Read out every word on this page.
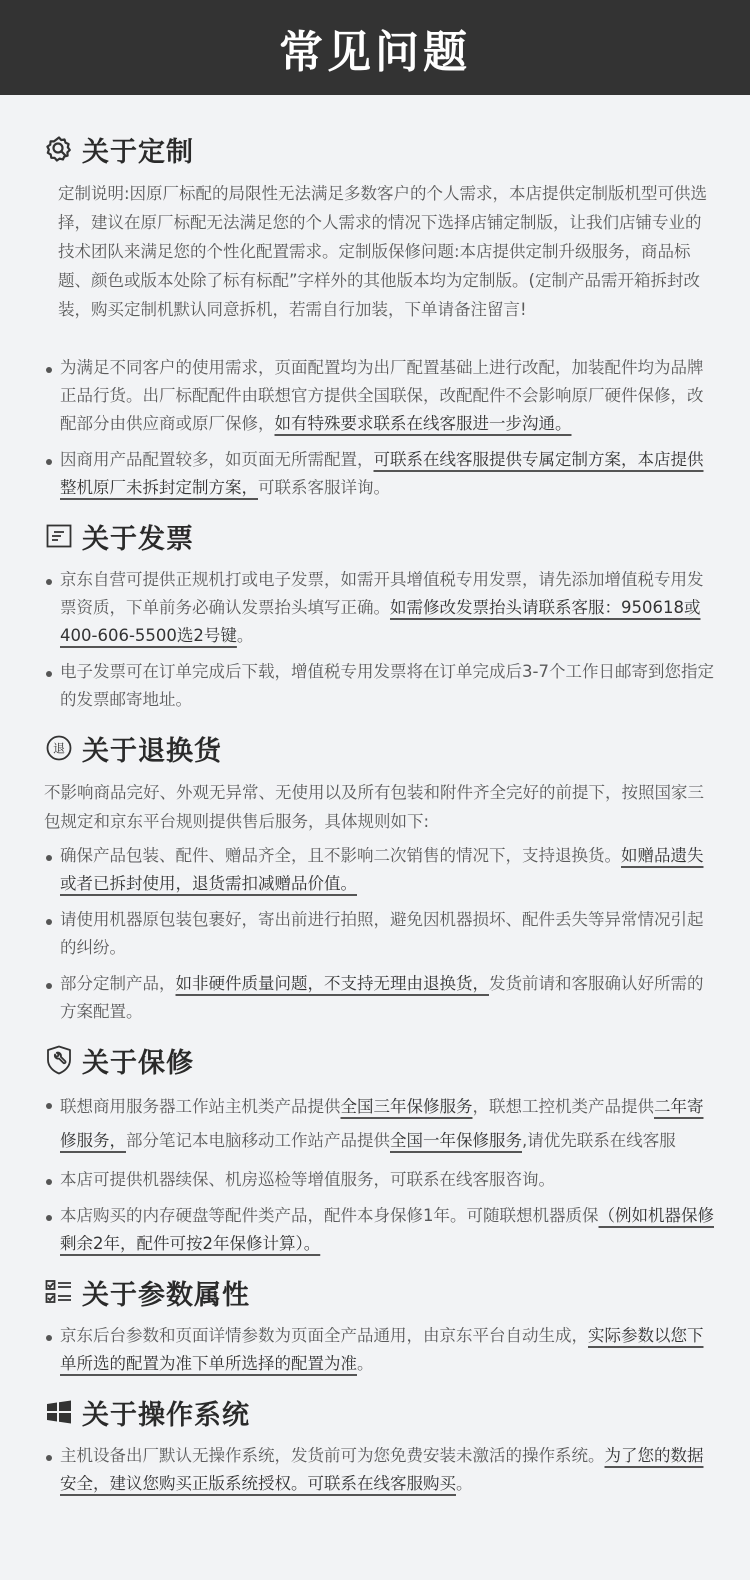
常见问题
关于定制

定制说明:因原厂标配的局限性无法满足多数客户的个人需求，本店提供定制版机型可供选择，建议在原厂标配无法满足您的个人需求的情况下选择店铺定制版，让我们店铺专业的技术团队来满足您的个性化配置需求。定制版保修问题:本店提供定制升级服务，商品标题、颜色或版本处除了标有标配”字样外的其他版本均为定制版。(定制产品需开箱拆封改装，购买定制机默认同意拆机，若需自行加装，下单请备注留言!

为满足不同客户的使用需求，页面配置均为出厂配置基础上进行改配，加装配件均为品牌正品行货。出厂标配配件由联想官方提供全国联保，改配配件不会影响原厂硬件保修，改配部分由供应商或原厂保修，如有特殊要求联系在线客服进一步沟通。
因商用产品配置较多，如页面无所需配置，可联系在线客服提供专属定制方案，本店提供整机原厂未拆封定制方案，可联系客服详询。
关于发票
京东自营可提供正规机打或电子发票，如需开具增值税专用发票，请先添加增值税专用发票资质，下单前务必确认发票抬头填写正确。如需修改发票抬头请联系客服：950618或400-606-5500选2号键。
电子发票可在订单完成后下载，增值税专用发票将在订单完成后3-7个工作日邮寄到您指定的发票邮寄地址。
退 关于退换货

不影响商品完好、外观无异常、无使用以及所有包装和附件齐全完好的前提下，按照国家三包规定和京东平台规则提供售后服务，具体规则如下:

确保产品包装、配件、赠品齐全，且不影响二次销售的情况下，支持退换货。如赠品遗失或者已拆封使用，退货需扣减赠品价值。
请使用机器原包装包裹好，寄出前进行拍照，避免因机器损坏、配件丢失等异常情况引起的纠纷。
部分定制产品，如非硬件质量问题，不支持无理由退换货，发货前请和客服确认好所需的方案配置。
关于保修
联想商用服务器工作站主机类产品提供全国三年保修服务，联想工控机类产品提供二年寄修服务，部分笔记本电脑移动工作站产品提供全国一年保修服务,请优先联系在线客服
本店可提供机器续保、机房巡检等增值服务，可联系在线客服咨询。
本店购买的内存硬盘等配件类产品，配件本身保修1年。可随联想机器质保（例如机器保修剩余2年，配件可按2年保修计算）。
关于参数属性
京东后台参数和页面详情参数为页面全产品通用，由京东平台自动生成，实际参数以您下单所选的配置为准下单所选择的配置为准。
关于操作系统
主机设备出厂默认无操作系统，发货前可为您免费安装未激活的操作系统。为了您的数据安全，建议您购买正版系统授权。可联系在线客服购买。
